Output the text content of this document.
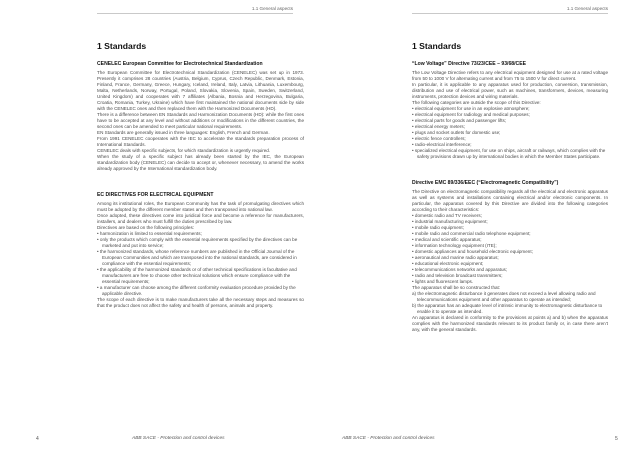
1.1 General aspects
1 Standards
CENELEC European Committee for Electrotechnical Standardization

The European Committee for Electrotechnical Standardization (CENELEC) was set up in 1973. Presently it comprises 28 countries (Austria, Belgium, Cyprus, Czech Republic, Denmark, Estonia, Finland, France, Germany, Greece, Hungary, Iceland, Ireland, Italy, Latvia, Lithuania, Luxembourg, Malta, Netherlands, Norway, Portugal, Poland, Slovakia, Slovenia, Spain, Sweden, Switzerland, United Kingdom) and cooperates with 7 affiliates (Albania, Bosnia and Herzegovina, Bulgaria, Croatia, Romania, Turkey, Ukraine) which have first maintained the national documents side by side with the CENELEC ones and then replaced them with the Harmonized Documents (HD).

There is a difference between EN Standards and Harmonization Documents (HD): while the first ones have to be accepted at any level and without additions or modifications in the different countries, the second ones can be amended to meet particular national requirements.

EN Standards are generally issued in three languages: English, French and German.

From 1991 CENELEC cooperates with the IEC to accelerate the standards preparation process of International Standards.

CENELEC deals with specific subjects, for which standardization is urgently required.

When the study of a specific subject has already been started by the IEC, the European standardization body (CENELEC) can decide to accept or, whenever necessary, to amend the works already approved by the International standardization body.

EC DIRECTIVES FOR ELECTRICAL EQUIPMENT

Among its institutional roles, the European Community has the task of promulgating directives which must be adopted by the different member states and then transposed into national law.

Once adopted, these directives come into juridical force and become a reference for manufacturers, installers, and dealers who must fulfill the duties prescribed by law.

Directives are based on the following principles:

• harmonization is limited to essential requirements;
• only the products which comply with the essential requirements specified by the directives can be marketed and put into service;
• the harmonized standards, whose reference numbers are published in the Official Journal of the European Communities and which are transposed into the national standards, are considered in compliance with the essential requirements;
• the applicability of the harmonized standards or of other technical specifications is facultative and manufacturers are free to choose other technical solutions which ensure compliance with the essential requirements;
• a manufacturer can choose among the different conformity evaluation procedure provided by the applicable directive.

The scope of each directive is to make manufacturers take all the necessary steps and measures so that the product does not affect the safety and health of persons, animals and property.

4	ABB SACE - Protection and control devices
1.1 General aspects
1 Standards
“Low Voltage” Directive 73/23/CEE – 93/68/CEE

The Low Voltage Directive refers to any electrical equipment designed for use at a rated voltage from 50 to 1000 V for alternating current and from 75 to 1500 V for direct current.

In particular, it is applicable to any apparatus used for production, conversion, transmission, distribution and use of electrical power, such as machines, transformers, devices, measuring instruments, protection devices and wiring materials.

The following categories are outside the scope of this Directive:

• electrical equipment for use in an explosive atmosphere;
• electrical equipment for radiology and medical purposes;
• electrical parts for goods and passenger lifts;
• electrical energy meters;
• plugs and socket outlets for domestic use;
• electric fence controllers;
• radio-electrical interference;
• specialized electrical equipment, for use on ships, aircraft or railways, which complies with the safety provisions drawn up by international bodies in which the Member States participate.
Directive EMC 89/336/EEC (“Electromagnetic Compatibility”)

The Directive on electromagnetic compatibility regards all the electrical and electronic apparatus as well as systems and installations containing electrical and/or electronic components. In particular, the apparatus covered by this Directive are divided into the following categories according to their characteristics:

• domestic radio and TV receivers;
• industrial manufacturing equipment;
• mobile radio equipment;
• mobile radio and commercial radio telephone equipment;
• medical and scientific apparatus;
• information technology equipment (ITE);
• domestic appliances and household electronic equipment;
• aeronautical and marine radio apparatus;
• educational electronic equipment;
• telecommunications networks and apparatus;
• radio and television broadcast transmitters;
• lights and fluorescent lamps.

The apparatus shall be so constructed that:

a) the electromagnetic disturbance it generates does not exceed a level allowing radio and telecommunications equipment and other apparatus to operate as intended;
b) the apparatus has an adequate level of intrinsic immunity to electromagnetic disturbance to enable it to operate as intended.

An apparatus is declared in conformity to the provisions at points a) and b) when the apparatus complies with the harmonized standards relevant to its product family or, in case there aren’t any, with the general standards.

ABB SACE - Protection and control devices	5
